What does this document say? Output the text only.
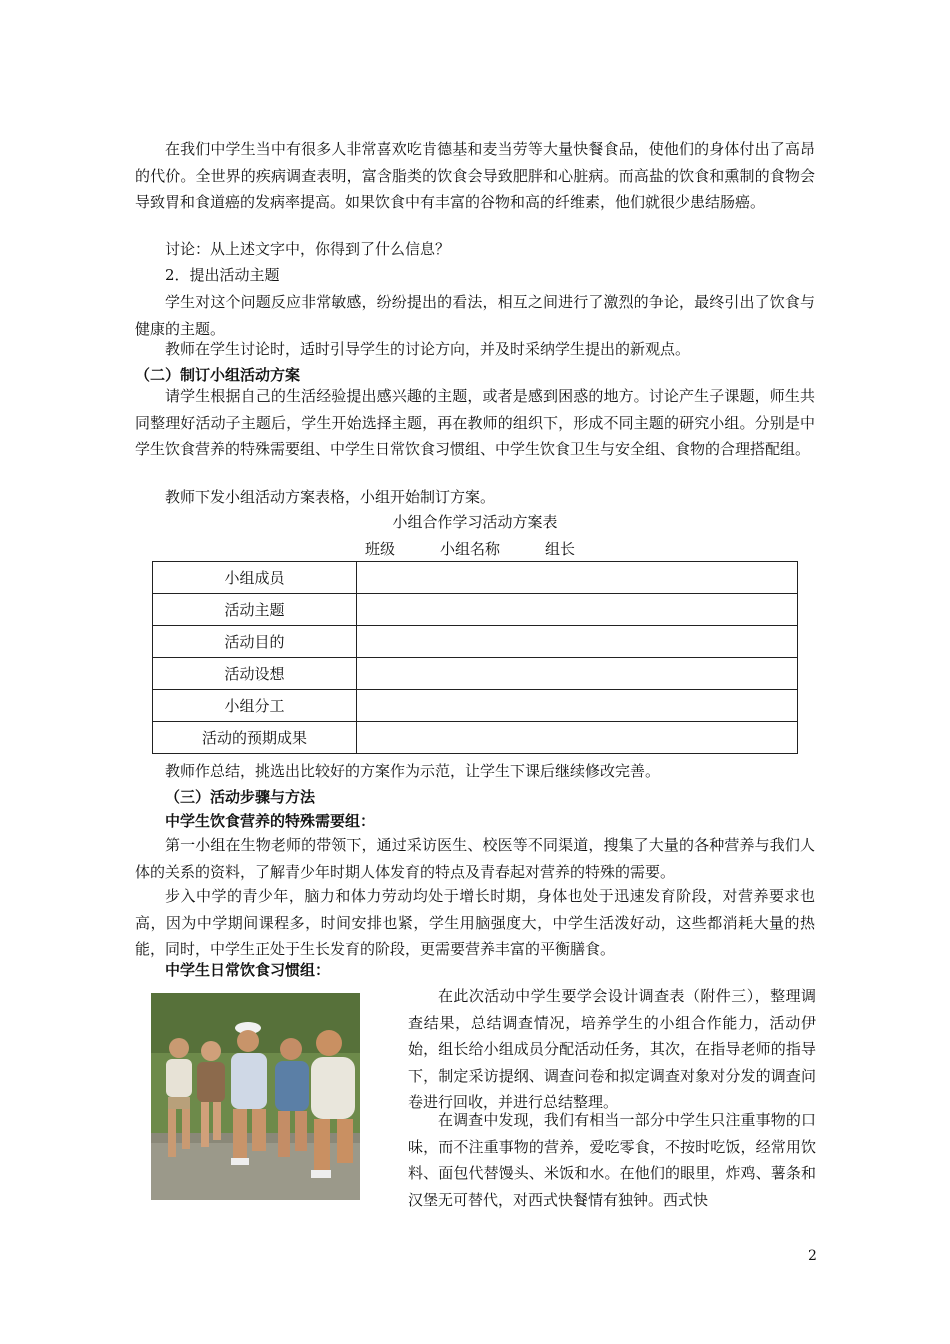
在我们中学生当中有很多人非常喜欢吃肯德基和麦当劳等大量快餐食品，使他们的身体付出了高昂的代价。全世界的疾病调查表明，富含脂类的饮食会导致肥胖和心脏病。而高盐的饮食和熏制的食物会导致胃和食道癌的发病率提高。如果饮食中有丰富的谷物和高的纤维素，他们就很少患结肠癌。

讨论：从上述文字中，你得到了什么信息？

2．提出活动主题

学生对这个问题反应非常敏感，纷纷提出的看法，相互之间进行了激烈的争论，最终引出了饮食与健康的主题。

教师在学生讨论时，适时引导学生的讨论方向，并及时采纳学生提出的新观点。

（二）制订小组活动方案

请学生根据自己的生活经验提出感兴趣的主题，或者是感到困惑的地方。讨论产生子课题，师生共同整理好活动子主题后，学生开始选择主题，再在教师的组织下，形成不同主题的研究小组。分别是中学生饮食营养的特殊需要组、中学生日常饮食习惯组、中学生饮食卫生与安全组、食物的合理搭配组。

教师下发小组活动方案表格，小组开始制订方案。

小组合作学习活动方案表

班级　　　小组名称　　　组长

小组成员	
活动主题	
活动目的	
活动设想	
小组分工	
活动的预期成果	

教师作总结，挑选出比较好的方案作为示范，让学生下课后继续修改完善。

（三）活动步骤与方法

中学生饮食营养的特殊需要组：

第一小组在生物老师的带领下，通过采访医生、校医等不同渠道，搜集了大量的各种营养与我们人体的关系的资料，了解青少年时期人体发育的特点及青春起对营养的特殊的需要。

步入中学的青少年，脑力和体力劳动均处于增长时期，身体也处于迅速发育阶段，对营养要求也高，因为中学期间课程多，时间安排也紧，学生用脑强度大，中学生活泼好动，这些都消耗大量的热能，同时，中学生正处于生长发育的阶段，更需要营养丰富的平衡膳食。

中学生日常饮食习惯组：

在此次活动中学生要学会设计调查表（附件三），整理调查结果，总结调查情况，培养学生的小组合作能力，活动伊始，组长给小组成员分配活动任务，其次，在指导老师的指导下，制定采访提纲、调查问卷和拟定调查对象对分发的调查问卷进行回收，并进行总结整理。

在调查中发现，我们有相当一部分中学生只注重事物的口味，而不注重事物的营养，爱吃零食，不按时吃饭，经常用饮料、面包代替馒头、米饭和水。在他们的眼里，炸鸡、薯条和汉堡无可替代，对西式快餐情有独钟。西式快

2
